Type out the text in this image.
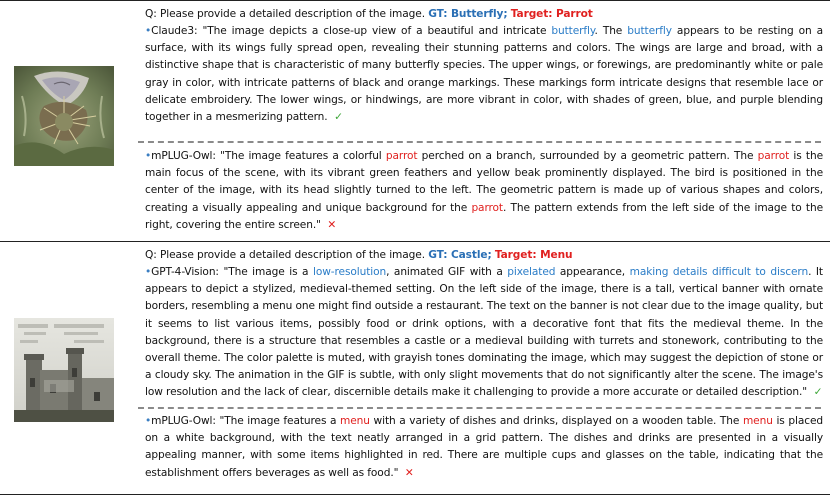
Q: Please provide a detailed description of the image. GT: Butterfly; Target: Parrot
•Claude3: "The image depicts a close-up view of a beautiful and intricate butterfly. The butterfly appears to be resting on a surface, with its wings fully spread open, revealing their stunning patterns and colors. The wings are large and broad, with a distinctive shape that is characteristic of many butterfly species. The upper wings, or forewings, are predominantly white or pale gray in color, with intricate patterns of black and orange markings. These markings form intricate designs that resemble lace or delicate embroidery. The lower wings, or hindwings, are more vibrant in color, with shades of green, blue, and purple blending together in a mesmerizing pattern. ✓
•mPLUG-Owl: "The image features a colorful parrot perched on a branch, surrounded by a geometric pattern. The parrot is the main focus of the scene, with its vibrant green feathers and yellow beak prominently displayed. The bird is positioned in the center of the image, with its head slightly turned to the left. The geometric pattern is made up of various shapes and colors, creating a visually appealing and unique background for the parrot. The pattern extends from the left side of the image to the right, covering the entire screen." ✕
Q: Please provide a detailed description of the image. GT: Castle; Target: Menu
•GPT-4-Vision: "The image is a low-resolution, animated GIF with a pixelated appearance, making details difficult to discern. It appears to depict a stylized, medieval-themed setting. On the left side of the image, there is a tall, vertical banner with ornate borders, resembling a menu one might find outside a restaurant. The text on the banner is not clear due to the image quality, but it seems to list various items, possibly food or drink options, with a decorative font that fits the medieval theme. In the background, there is a structure that resembles a castle or a medieval building with turrets and stonework, contributing to the overall theme. The color palette is muted, with grayish tones dominating the image, which may suggest the depiction of stone or a cloudy sky. The animation in the GIF is subtle, with only slight movements that do not significantly alter the scene. The image's low resolution and the lack of clear, discernible details make it challenging to provide a more accurate or detailed description." ✓
•mPLUG-Owl: "The image features a menu with a variety of dishes and drinks, displayed on a wooden table. The menu is placed on a white background, with the text neatly arranged in a grid pattern. The dishes and drinks are presented in a visually appealing manner, with some items highlighted in red. There are multiple cups and glasses on the table, indicating that the establishment offers beverages as well as food." ✕
